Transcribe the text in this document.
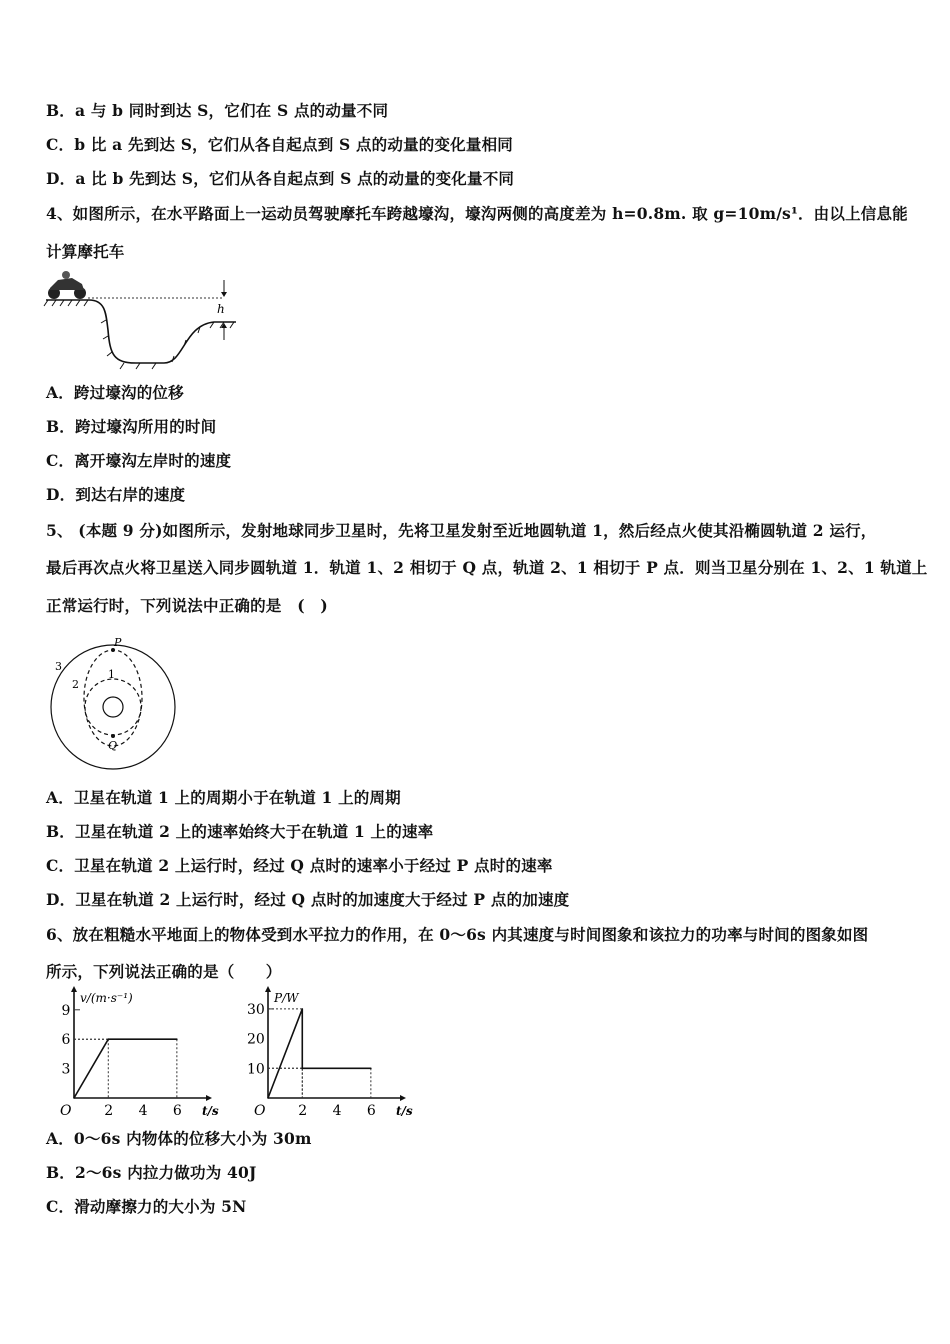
B．a 与 b 同时到达 S，它们在 S 点的动量不同
C．b 比 a 先到达 S，它们从各自起点到 S 点的动量的变化量相同
D．a 比 b 先到达 S，它们从各自起点到 S 点的动量的变化量不同
4、如图所示，在水平路面上一运动员驾驶摩托车跨越壕沟，壕沟两侧的高度差为 h=0.8m. 取 g=10m/s¹．由以上信息能
计算摩托车
h
A．跨过壕沟的位移
B．跨过壕沟所用的时间
C．离开壕沟左岸时的速度
D．到达右岸的速度
5、 (本题 9 分)如图所示，发射地球同步卫星时，先将卫星发射至近地圆轨道 1，然后经点火使其沿椭圆轨道 2 运行，
最后再次点火将卫星送入同步圆轨道 1．轨道 1、2 相切于 Q 点，轨道 2、1 相切于 P 点．则当卫星分别在 1、2、1 轨道上
正常运行时，下列说法中正确的是　(　)
P
Q
1
2
3
A．卫星在轨道 1 上的周期小于在轨道 1 上的周期
B．卫星在轨道 2 上的速率始终大于在轨道 1 上的速率
C．卫星在轨道 2 上运行时，经过 Q 点时的速率小于经过 P 点时的速率
D．卫星在轨道 2 上运行时，经过 Q 点时的加速度大于经过 P 点的加速度
6、放在粗糙水平地面上的物体受到水平拉力的作用，在 0～6s 内其速度与时间图象和该拉力的功率与时间的图象如图
所示，下列说法正确的是（　　）
v/(m·s⁻¹)
t/s
O 2 4 6
3
6
9
P/W
t/s
O 2 4 6
10
20
30
A．0～6s 内物体的位移大小为 30m
B．2～6s 内拉力做功为 40J
C．滑动摩擦力的大小为 5N
